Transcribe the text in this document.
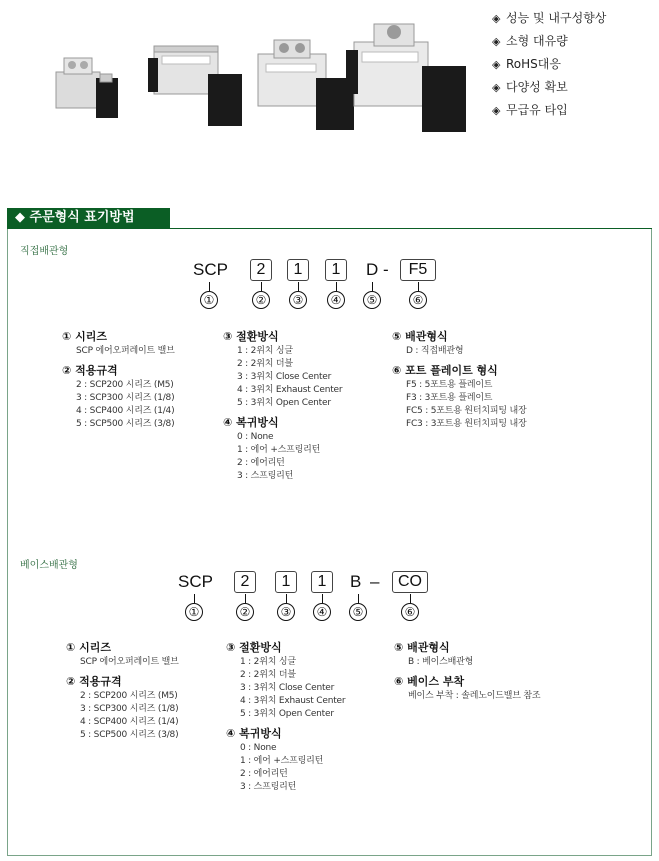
◈ 성능 및 내구성향상
◈ 소형 대유량
◈ RoHS대응
◈ 다양성 확보
◈ 무급유 타입
◆ 주문형식 표기방법
직접배관형
SCP	2	1	1	D -	F5
①	②	③	④	⑤	⑥
① 시리즈
SCP 에어오퍼레이트 밸브
② 적용규격
2 : SCP200 시리즈 (M5)
3 : SCP300 시리즈 (1/8)
4 : SCP400 시리즈 (1/4)
5 : SCP500 시리즈 (3/8)
③ 절환방식
1 : 2위치 싱글
2 : 2위치 더블
3 : 3위치 Close Center
4 : 3위치 Exhaust Center
5 : 3위치 Open Center
④ 복귀방식
0 : None
1 : 에어 +스프링리턴
2 : 에어리턴
3 : 스프링리턴
⑤ 배관형식
D : 직접배관형
⑥ 포트 플레이트 형식
F5 : 5포트용 플레이트
F3 : 3포트용 플레이트
FC5 : 5포트용 원터치피팅 내장
FC3 : 3포트용 원터치피팅 내장
베이스배관형
SCP	2	1	1	B –	CO
①	②	③	④	⑤	⑥
① 시리즈
SCP 에어오퍼레이트 밸브
② 적용규격
2 : SCP200 시리즈 (M5)
3 : SCP300 시리즈 (1/8)
4 : SCP400 시리즈 (1/4)
5 : SCP500 시리즈 (3/8)
③ 절환방식
1 : 2위치 싱글
2 : 2위치 더블
3 : 3위치 Close Center
4 : 3위치 Exhaust Center
5 : 3위치 Open Center
④ 복귀방식
0 : None
1 : 에어 +스프링리턴
2 : 에어리턴
3 : 스프링리턴
⑤ 배관형식
B : 베이스배관형
⑥ 베이스 부착
베이스 부착 : 솔레노이드밸브 참조
